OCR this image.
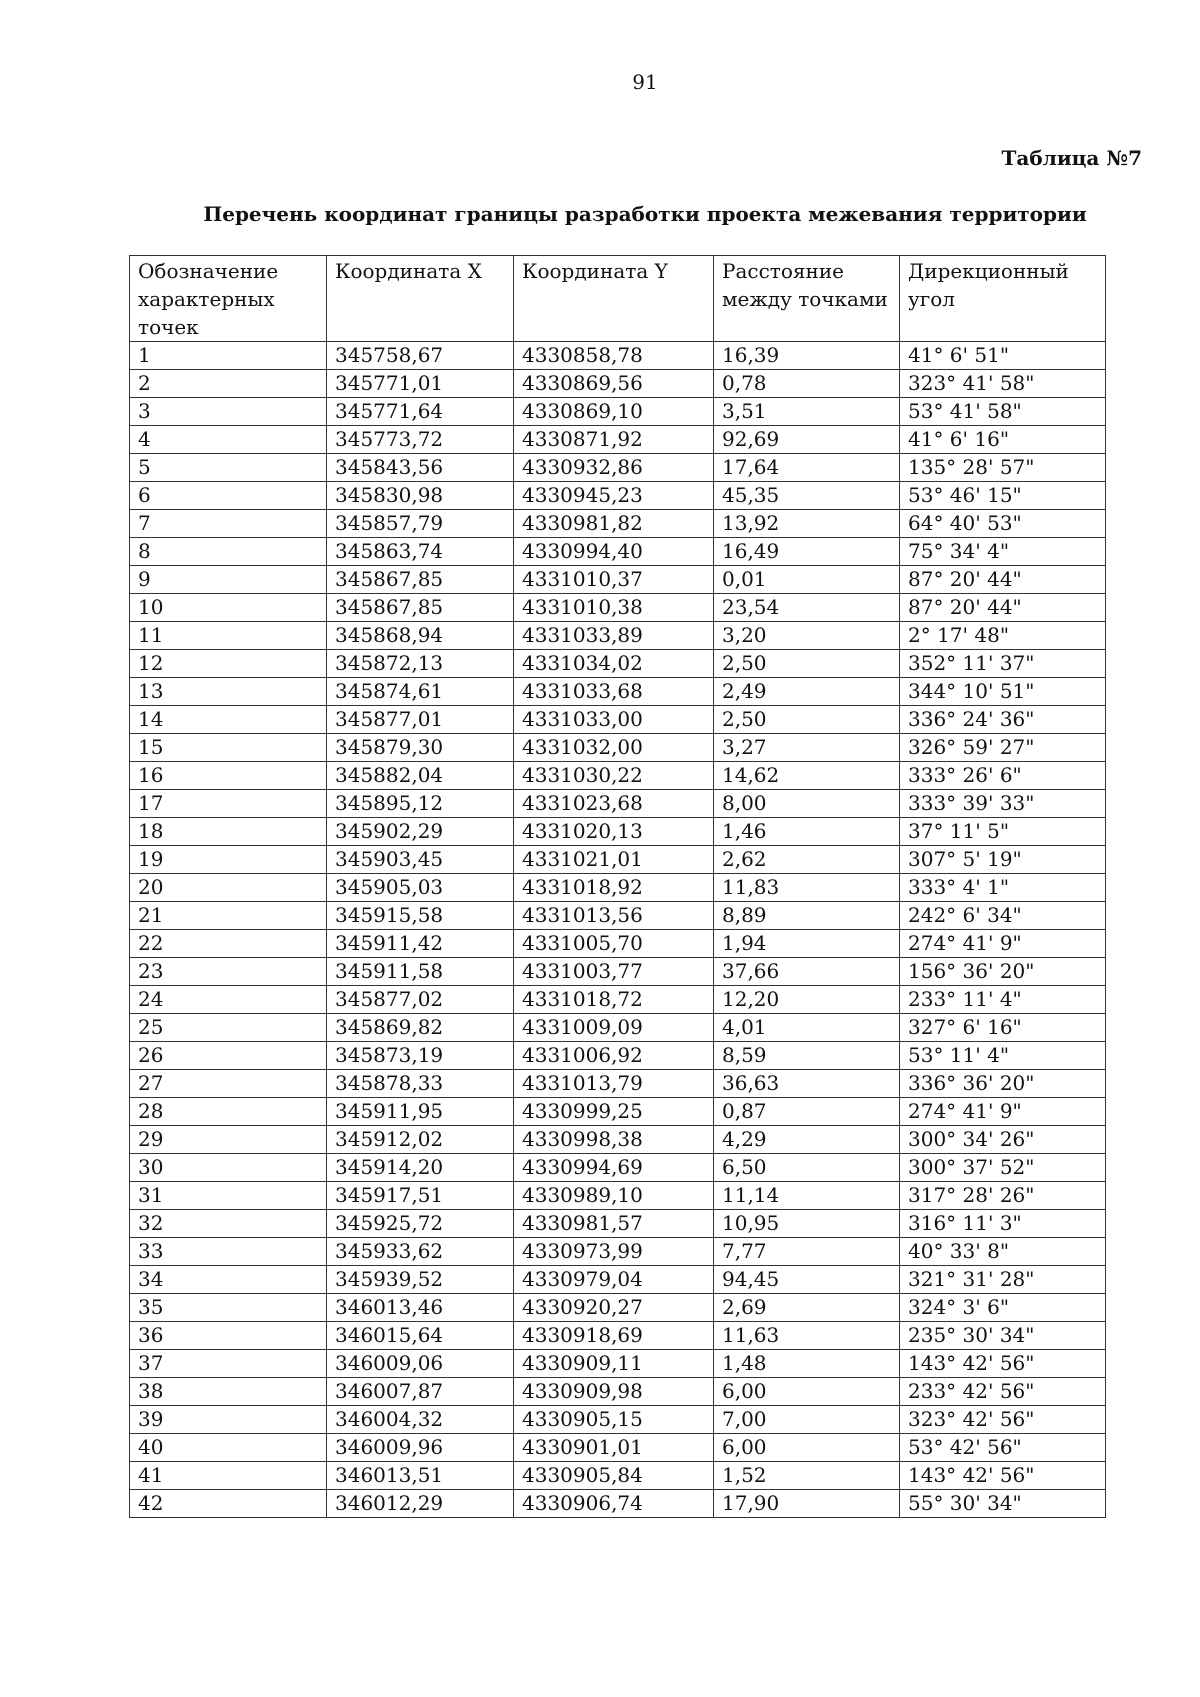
91
Таблица №7
Перечень координат границы разработки проекта межевания территории
Обозначение характерных точек	Координата X	Координата Y	Расстояние между точками	Дирекционный угол
1	345758,67	4330858,78	16,39	41° 6' 51"
2	345771,01	4330869,56	0,78	323° 41' 58"
3	345771,64	4330869,10	3,51	53° 41' 58"
4	345773,72	4330871,92	92,69	41° 6' 16"
5	345843,56	4330932,86	17,64	135° 28' 57"
6	345830,98	4330945,23	45,35	53° 46' 15"
7	345857,79	4330981,82	13,92	64° 40' 53"
8	345863,74	4330994,40	16,49	75° 34' 4"
9	345867,85	4331010,37	0,01	87° 20' 44"
10	345867,85	4331010,38	23,54	87° 20' 44"
11	345868,94	4331033,89	3,20	2° 17' 48"
12	345872,13	4331034,02	2,50	352° 11' 37"
13	345874,61	4331033,68	2,49	344° 10' 51"
14	345877,01	4331033,00	2,50	336° 24' 36"
15	345879,30	4331032,00	3,27	326° 59' 27"
16	345882,04	4331030,22	14,62	333° 26' 6"
17	345895,12	4331023,68	8,00	333° 39' 33"
18	345902,29	4331020,13	1,46	37° 11' 5"
19	345903,45	4331021,01	2,62	307° 5' 19"
20	345905,03	4331018,92	11,83	333° 4' 1"
21	345915,58	4331013,56	8,89	242° 6' 34"
22	345911,42	4331005,70	1,94	274° 41' 9"
23	345911,58	4331003,77	37,66	156° 36' 20"
24	345877,02	4331018,72	12,20	233° 11' 4"
25	345869,82	4331009,09	4,01	327° 6' 16"
26	345873,19	4331006,92	8,59	53° 11' 4"
27	345878,33	4331013,79	36,63	336° 36' 20"
28	345911,95	4330999,25	0,87	274° 41' 9"
29	345912,02	4330998,38	4,29	300° 34' 26"
30	345914,20	4330994,69	6,50	300° 37' 52"
31	345917,51	4330989,10	11,14	317° 28' 26"
32	345925,72	4330981,57	10,95	316° 11' 3"
33	345933,62	4330973,99	7,77	40° 33' 8"
34	345939,52	4330979,04	94,45	321° 31' 28"
35	346013,46	4330920,27	2,69	324° 3' 6"
36	346015,64	4330918,69	11,63	235° 30' 34"
37	346009,06	4330909,11	1,48	143° 42' 56"
38	346007,87	4330909,98	6,00	233° 42' 56"
39	346004,32	4330905,15	7,00	323° 42' 56"
40	346009,96	4330901,01	6,00	53° 42' 56"
41	346013,51	4330905,84	1,52	143° 42' 56"
42	346012,29	4330906,74	17,90	55° 30' 34"
